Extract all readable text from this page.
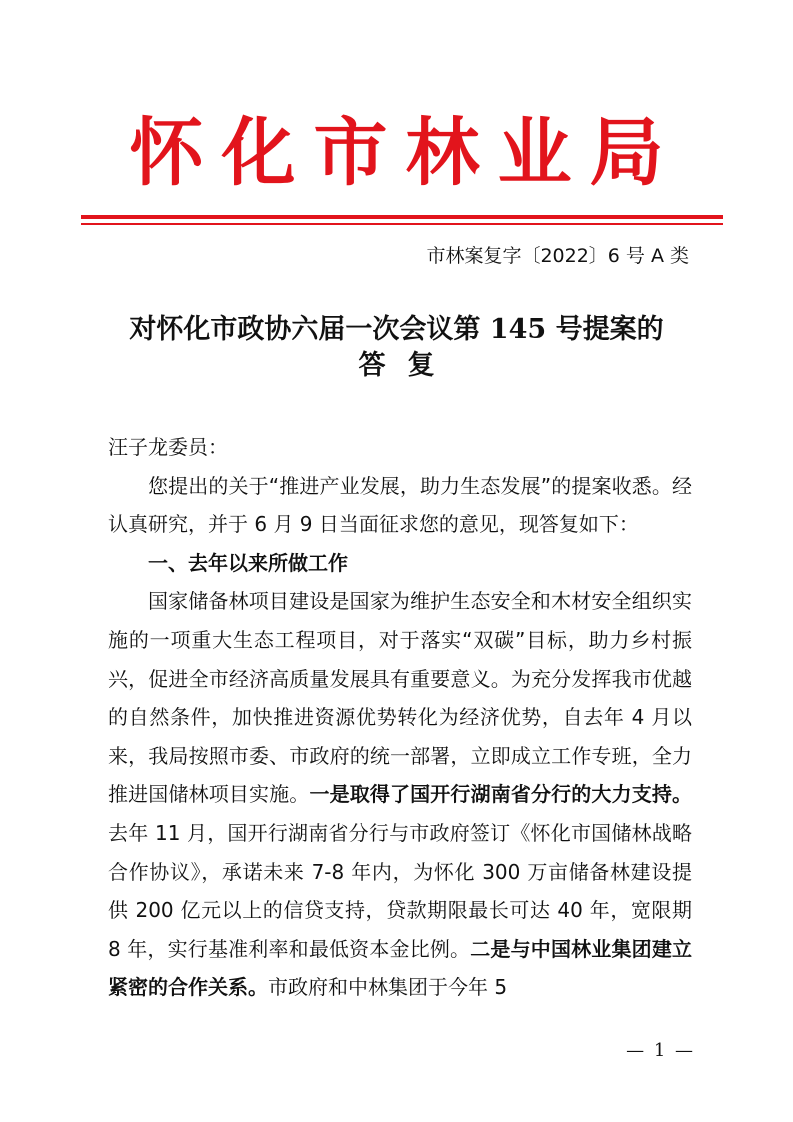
怀化市林业局
市林案复字〔2022〕6 号 A 类
对怀化市政协六届一次会议第 145 号提案的
答复

汪子龙委员：

您提出的关于“推进产业发展，助力生态发展”的提案收悉。经认真研究，并于 6 月 9 日当面征求您的意见，现答复如下：

一、去年以来所做工作

国家储备林项目建设是国家为维护生态安全和木材安全组织实施的一项重大生态工程项目，对于落实“双碳”目标，助力乡村振兴，促进全市经济高质量发展具有重要意义。为充分发挥我市优越的自然条件，加快推进资源优势转化为经济优势，自去年 4 月以来，我局按照市委、市政府的统一部署，立即成立工作专班，全力推进国储林项目实施。一是取得了国开行湖南省分行的大力支持。去年 11 月，国开行湖南省分行与市政府签订《怀化市国储林战略合作协议》，承诺未来 7-8 年内，为怀化 300 万亩储备林建设提供 200 亿元以上的信贷支持，贷款期限最长可达 40 年，宽限期 8 年，实行基准利率和最低资本金比例。二是与中国林业集团建立紧密的合作关系。市政府和中林集团于今年 5

— 1 —
